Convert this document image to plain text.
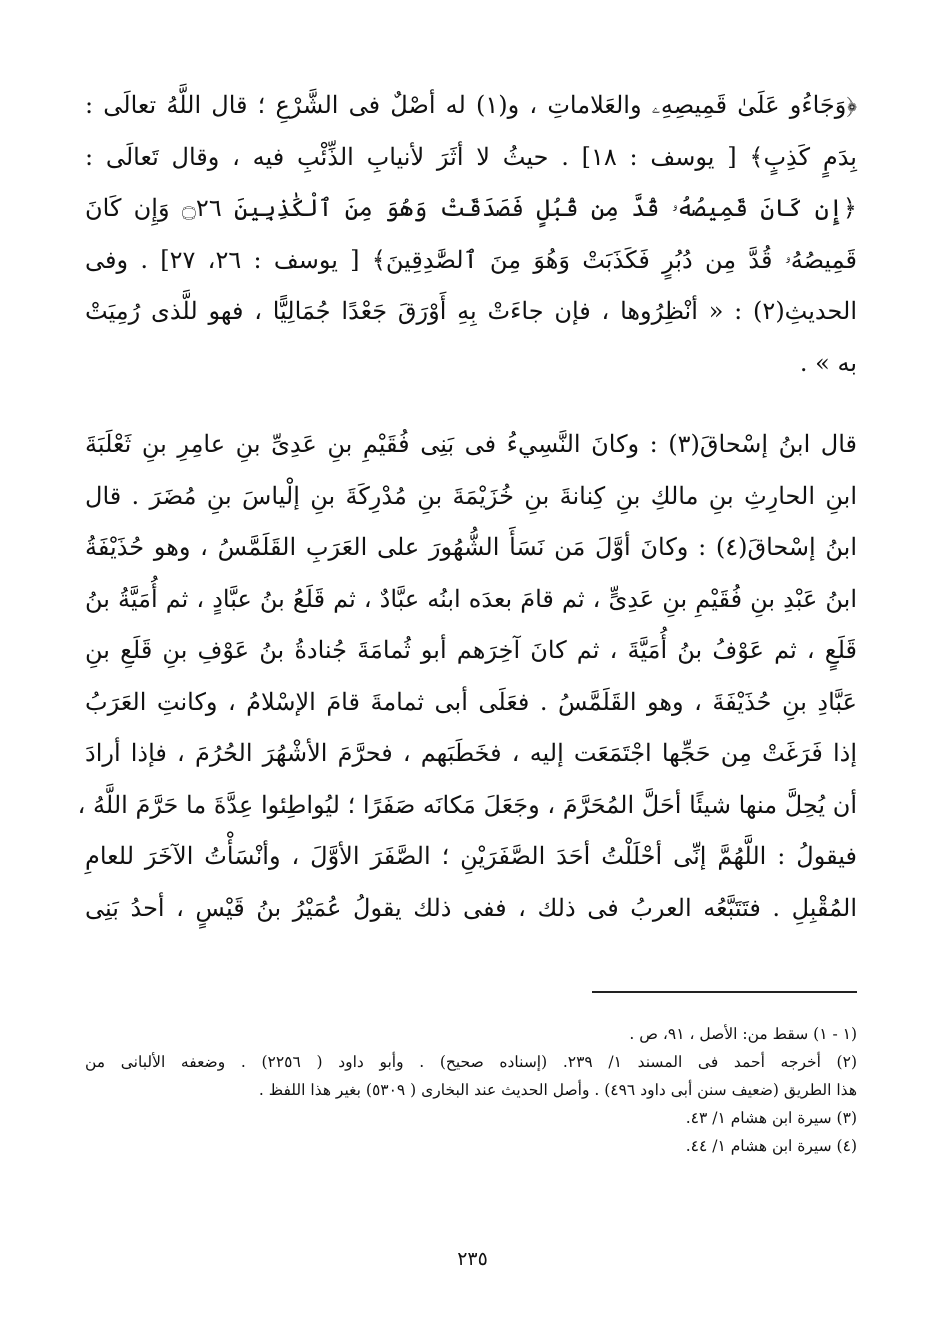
﴿وَجَاءُو عَلَىٰ قَمِيصِهِۦ والعَلاماتِ ، و(١) له أصْلٌ فى الشَّرْعِ ؛ قال اللَّهُ تعالَى :
بِدَمٍ كَذِبٍ﴾ [ يوسف : ١٨] . حيثُ لا أثَرَ لأنيابِ الذِّئْبِ فيه ، وقال تَعالَى :
﴿إِن كَانَ قَمِيصُهُۥ قُدَّ مِن قُبُلٍ فَصَدَقَتْ وَهُوَ مِنَ ٱلْكَٰذِبِينَ ۝٢٦ وَإِن كَانَ
قَمِيصُهُۥ قُدَّ مِن دُبُرٍ فَكَذَبَتْ وَهُوَ مِنَ ٱلصَّٰدِقِينَ﴾ [ يوسف : ٢٦، ٢٧] . وفى
الحديثِ(٢) : « أنْظِرُوها ، فإن جاءَتْ بِهِ أَوْرَقَ جَعْدًا جُمَالِيًّا ، فهو للَّذى رُمِيَتْ
به » .
قال ابنُ إسْحاقَ(٣) : وكانَ النَّسِيءُ فى بَنِى فُقَيْمِ بنِ عَدِىِّ بنِ عامِرِ بنِ ثَعْلَبَةَ
ابنِ الحارِثِ بنِ مالكِ بنِ كِنانةَ بنِ خُزَيْمَةَ بنِ مُدْرِكَةَ بنِ إلْياسَ بنِ مُضَرَ . قال
ابنُ إسْحاقَ(٤) : وكانَ أوَّلَ مَن نَسَأَ الشُّهُورَ على العَرَبِ القَلَمَّسُ ، وهو حُذَيْفَةُ
ابنُ عَبْدِ بنِ فُقَيْمِ بنِ عَدِىٍّ ، ثم قامَ بعدَه ابنُه عبَّادٌ ، ثم قَلَعُ بنُ عبَّادٍ ، ثم أُمَيَّةُ بنُ
قَلَعٍ ، ثم عَوْفُ بنُ أُمَيَّةَ ، ثم كانَ آخِرَهم أبو ثُمامَةَ جُنادةُ بنُ عَوْفِ بنِ قَلَعِ بنِ
عَبَّادِ بنِ حُذَيْفَةَ ، وهو القَلَمَّسُ . فعَلَى أبى ثمامةَ قامَ الإسْلامُ ، وكانتِ العَرَبُ
إذا فَرَغَتْ مِن حَجِّها اجْتَمَعَت إليه ، فخَطَبَهم ، فحرَّمَ الأشْهُرَ الحُرُمَ ، فإذا أرادَ
أن يُحِلَّ منها شيئًا أحَلَّ المُحَرَّمَ ، وجَعَلَ مَكانَه صَفَرًا ؛ ليُواطِئوا عِدَّةَ ما حَرَّمَ اللَّهُ ،
فيقولُ : اللَّهُمَّ إنِّى أحْلَلْتُ أحَدَ الصَّفَرَيْنِ ؛ الصَّفَرَ الأوَّلَ ، وأنْسَأْتُ الآخَرَ للعامِ
المُقْبِلِ . فتَتَبَّعُه العربُ فى ذلك ، ففى ذلك يقولُ عُمَيْرُ بنُ قَيْسٍ ، أحدُ بَنِى
(١ - ١) سقط من: الأصل ، ٩١، ص .
(٢) أخرجه أحمد فى المسند ١/ ٢٣٩. (إسناده صحيح) . وأبو داود ( ٢٢٥٦) . وضعفه الألبانى من
هذا الطريق (ضعيف سنن أبى داود ٤٩٦) . وأصل الحديث عند البخارى ( ٥٣٠٩) بغير هذا اللفظ .
(٣) سيرة ابن هشام ١/ ٤٣.
(٤) سيرة ابن هشام ١/ ٤٤.
٢٣٥
